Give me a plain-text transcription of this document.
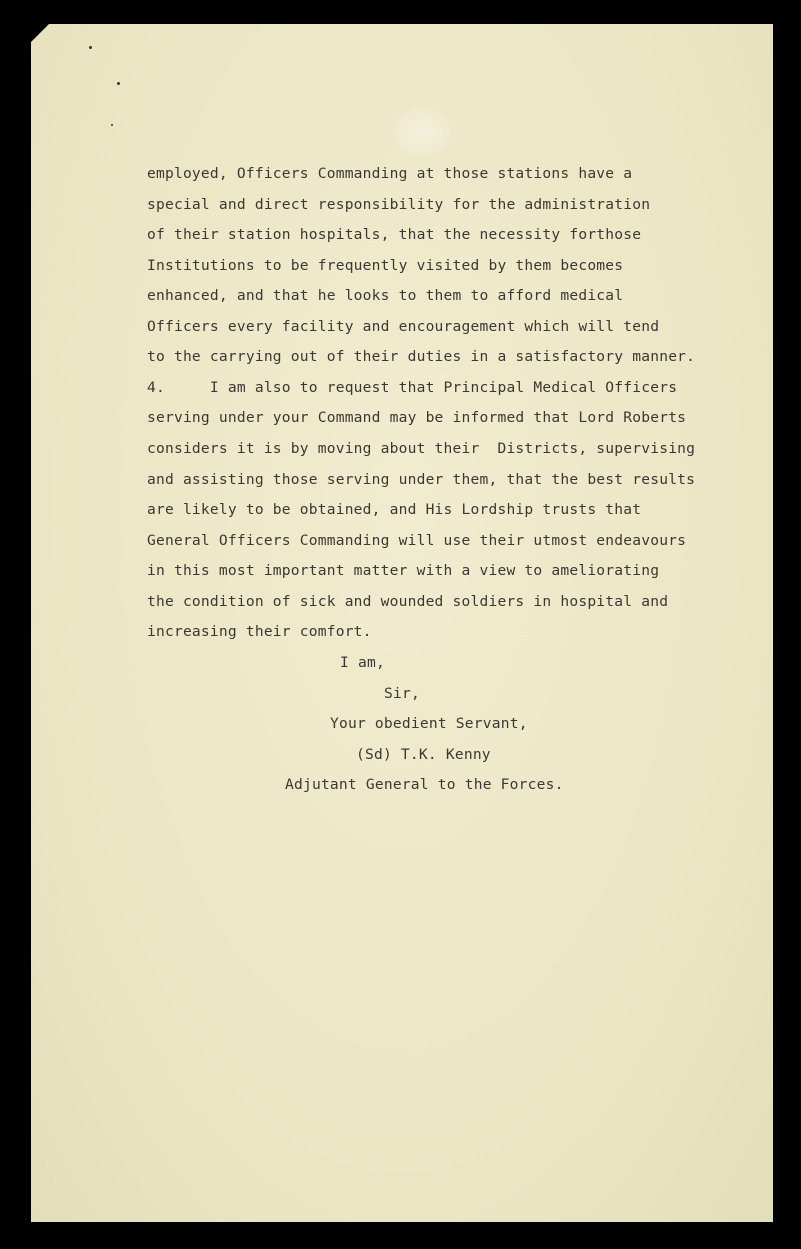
employed, Officers Commanding at those stations have a

special and direct responsibility for the administration

of their station hospitals, that the necessity forthose

Institutions to be frequently visited by them becomes

enhanced, and that he looks to them to afford medical

Officers every facility and encouragement which will tend

to the carrying out of their duties in a satisfactory manner.

4.     I am also to request that Principal Medical Officers

serving under your Command may be informed that Lord Roberts

considers it is by moving about their  Districts, supervising

and assisting those serving under them, that the best results

are likely to be obtained, and His Lordship trusts that

General Officers Commanding will use their utmost endeavours

in this most important matter with a view to ameliorating

the condition of sick and wounded soldiers in hospital and

increasing their comfort.

I am,

Sir,

Your obedient Servant,

(Sd) T.K. Kenny

Adjutant General to the Forces.
